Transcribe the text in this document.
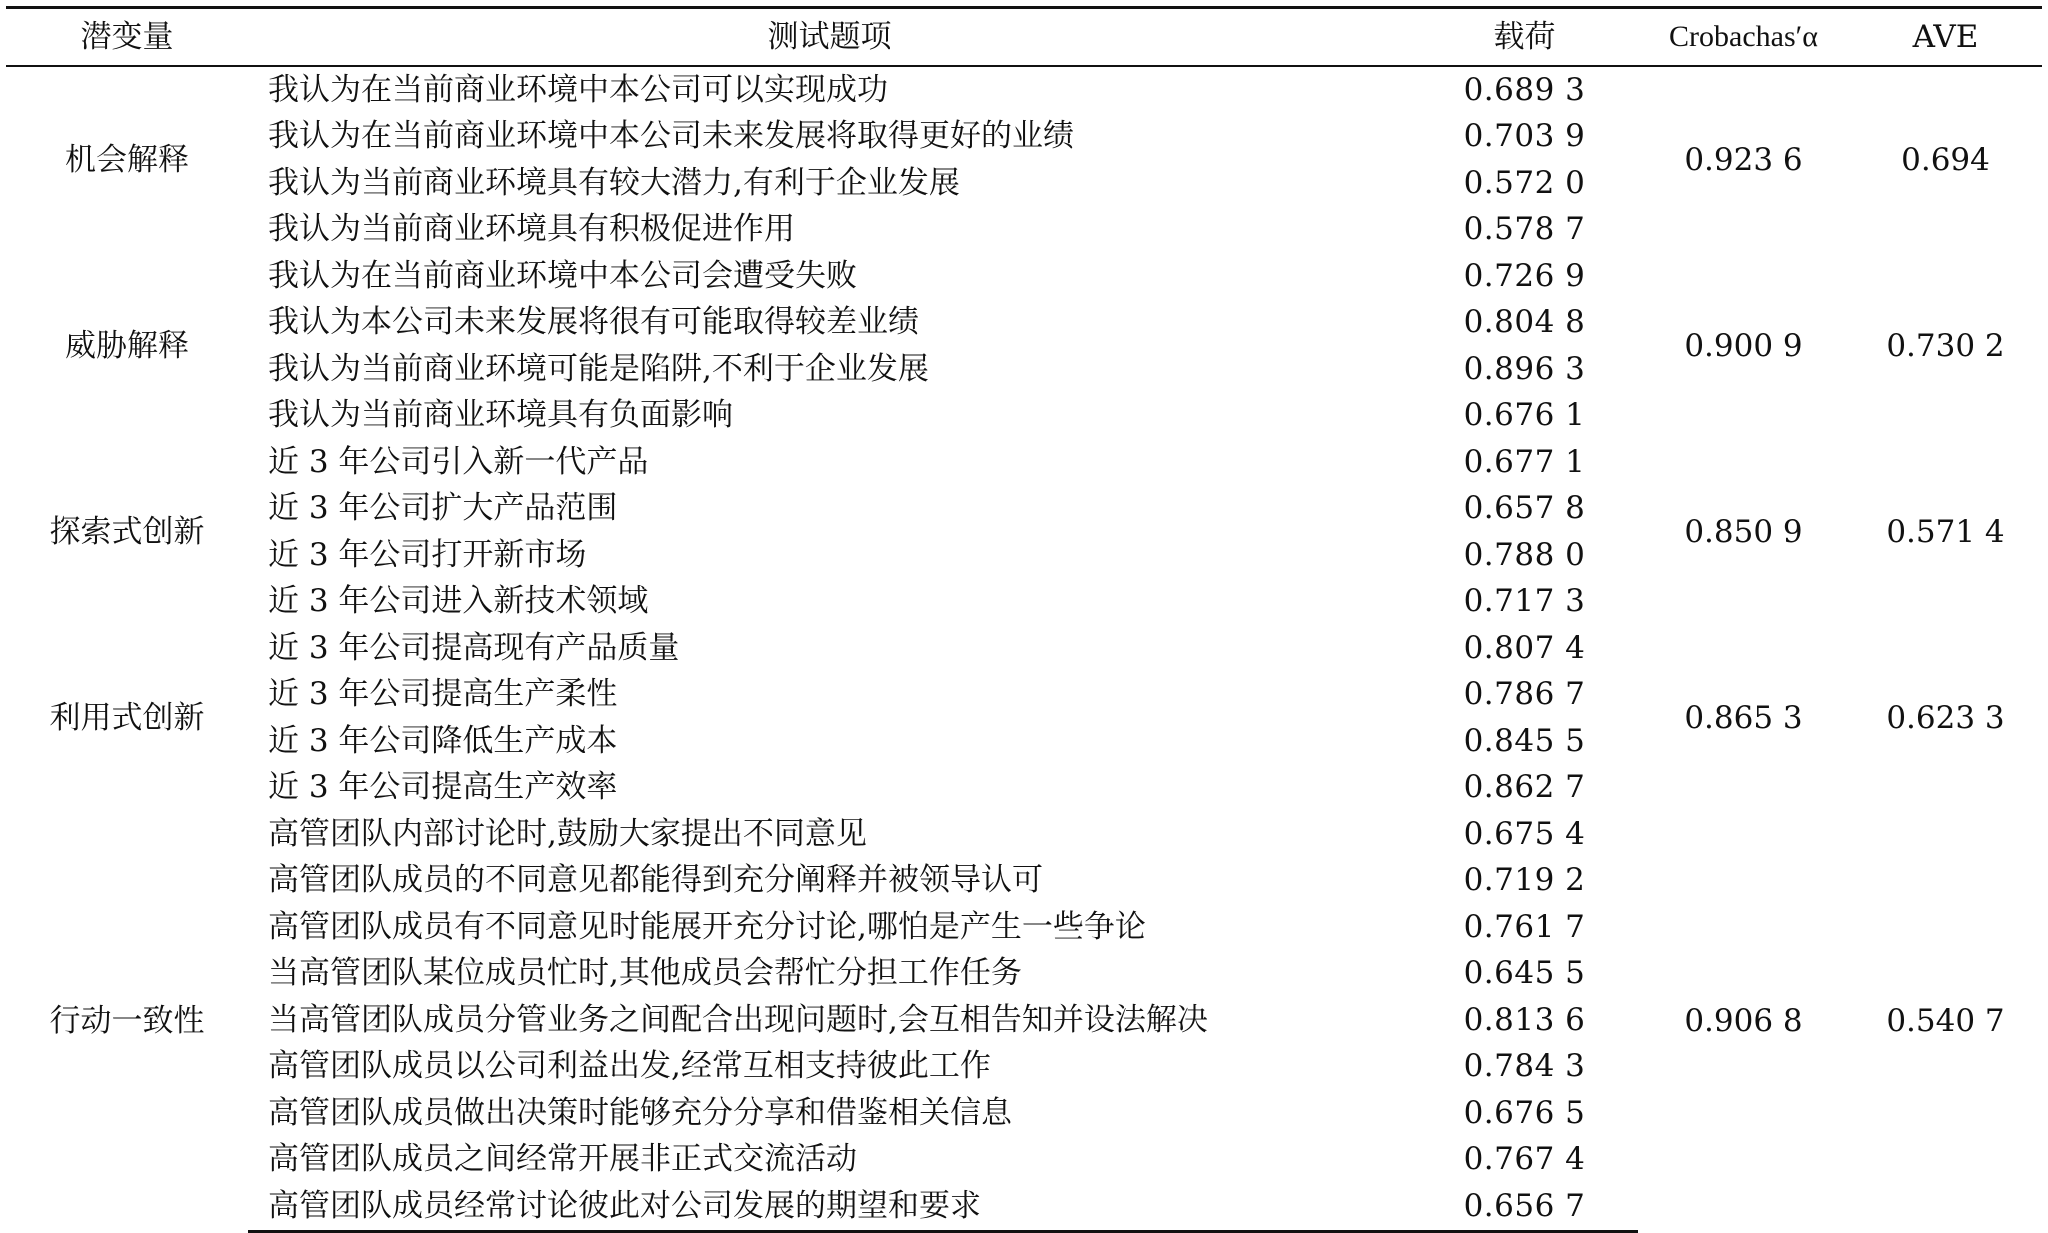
潜变量	测试题项	载荷	Crobachas′α	AVE
机会解释	我认为在当前商业环境中本公司可以实现成功	0.689 3	0.923 6	0.694
	我认为在当前商业环境中本公司未来发展将取得更好的业绩	0.703 9		
	我认为当前商业环境具有较大潜力,有利于企业发展	0.572 0		
	我认为当前商业环境具有积极促进作用	0.578 7		
威胁解释	我认为在当前商业环境中本公司会遭受失败	0.726 9	0.900 9	0.730 2
	我认为本公司未来发展将很有可能取得较差业绩	0.804 8		
	我认为当前商业环境可能是陷阱,不利于企业发展	0.896 3		
	我认为当前商业环境具有负面影响	0.676 1		
探索式创新	近 3 年公司引入新一代产品	0.677 1	0.850 9	0.571 4
	近 3 年公司扩大产品范围	0.657 8		
	近 3 年公司打开新市场	0.788 0		
	近 3 年公司进入新技术领域	0.717 3		
利用式创新	近 3 年公司提高现有产品质量	0.807 4	0.865 3	0.623 3
	近 3 年公司提高生产柔性	0.786 7		
	近 3 年公司降低生产成本	0.845 5		
	近 3 年公司提高生产效率	0.862 7		
行动一致性	高管团队内部讨论时,鼓励大家提出不同意见	0.675 4	0.906 8	0.540 7
	高管团队成员的不同意见都能得到充分阐释并被领导认可	0.719 2		
	高管团队成员有不同意见时能展开充分讨论,哪怕是产生一些争论	0.761 7		
	当高管团队某位成员忙时,其他成员会帮忙分担工作任务	0.645 5		
	当高管团队成员分管业务之间配合出现问题时,会互相告知并设法解决	0.813 6		
	高管团队成员以公司利益出发,经常互相支持彼此工作	0.784 3		
	高管团队成员做出决策时能够充分分享和借鉴相关信息	0.676 5		
	高管团队成员之间经常开展非正式交流活动	0.767 4		
	高管团队成员经常讨论彼此对公司发展的期望和要求	0.656 7		
